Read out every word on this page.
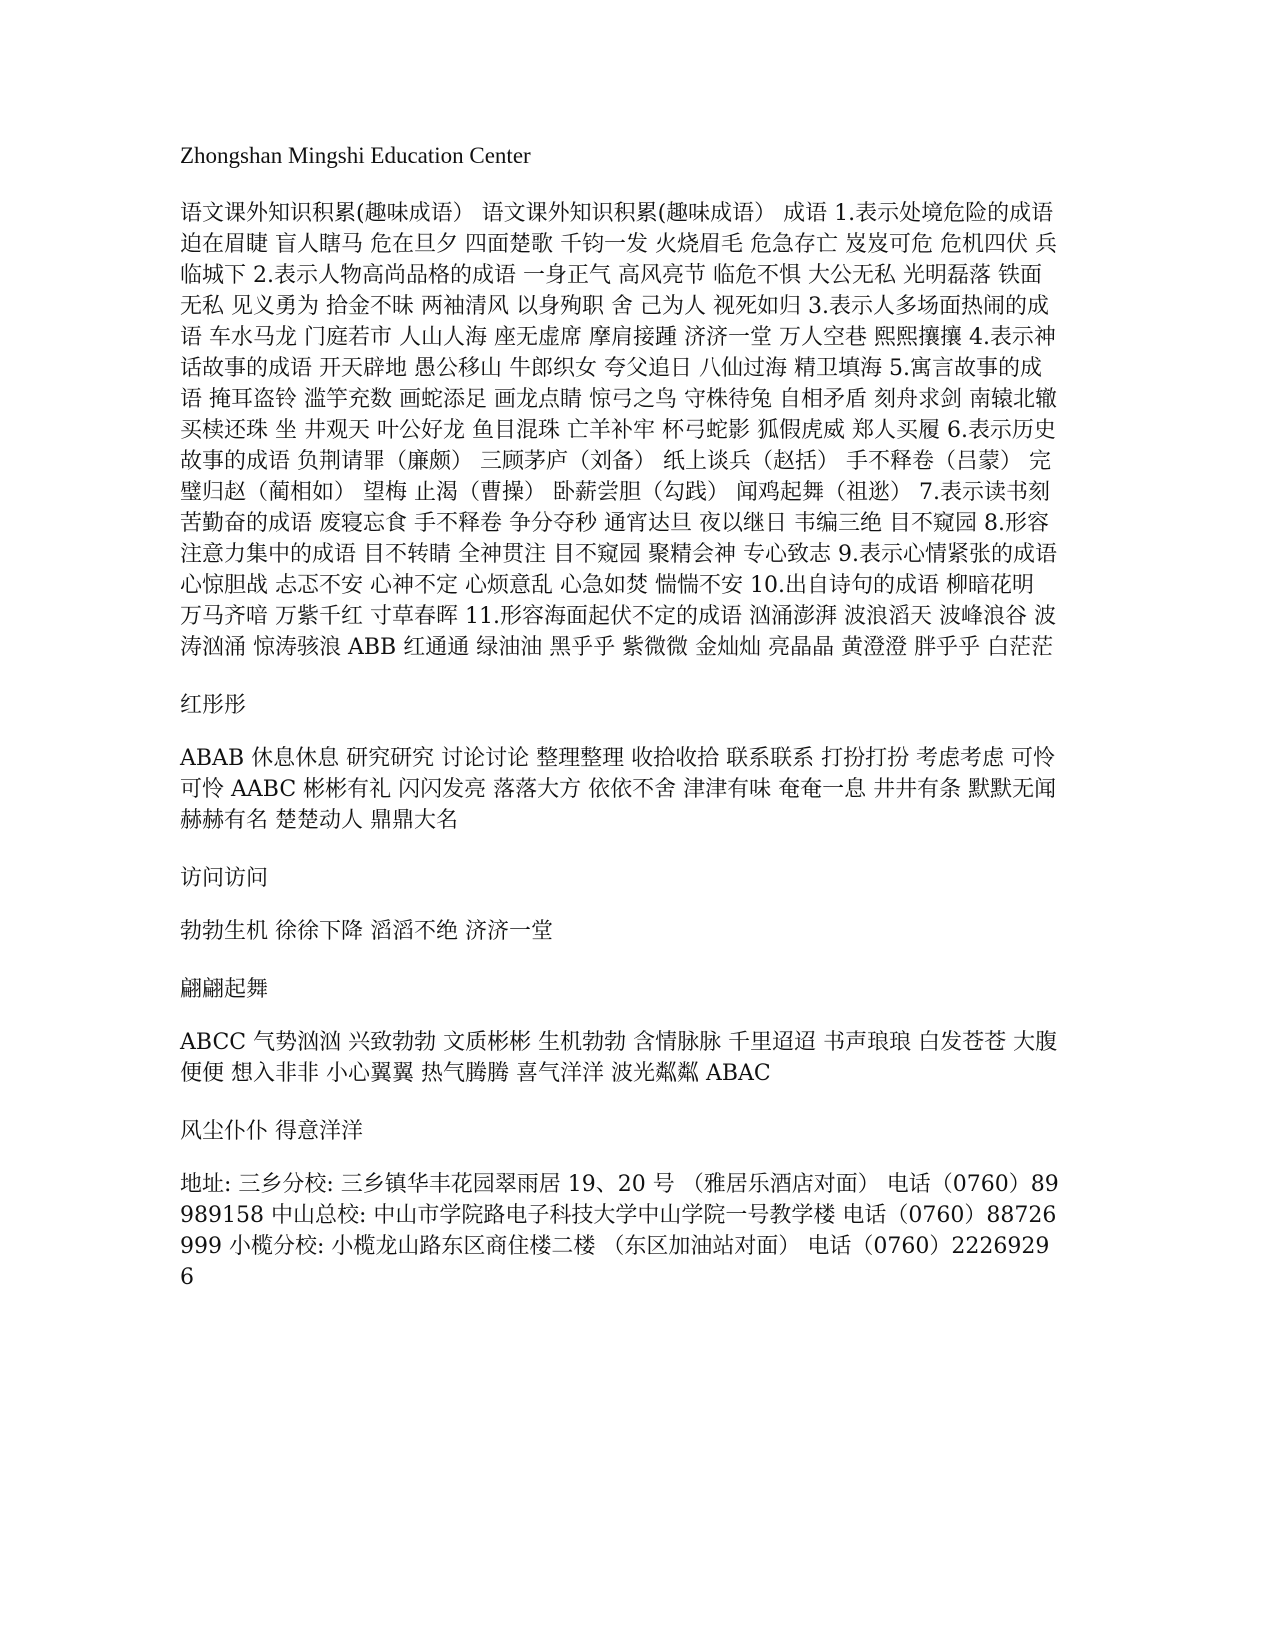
Zhongshan Mingshi Education Center
语文课外知识积累(趣味成语） 语文课外知识积累(趣味成语） 成语 1.表示处境危险的成语 迫在眉睫 盲人瞎马 危在旦夕 四面楚歌 千钧一发 火烧眉毛 危急存亡 岌岌可危 危机四伏 兵临城下 2.表示人物高尚品格的成语 一身正气 高风亮节 临危不惧 大公无私 光明磊落 铁面无私 见义勇为 拾金不昧 两袖清风 以身殉职 舍 己为人 视死如归 3.表示人多场面热闹的成语 车水马龙 门庭若市 人山人海 座无虚席 摩肩接踵 济济一堂 万人空巷 熙熙攘攘 4.表示神话故事的成语 开天辟地 愚公移山 牛郎织女 夸父追日 八仙过海 精卫填海 5.寓言故事的成语 掩耳盗铃 滥竽充数 画蛇添足 画龙点睛 惊弓之鸟 守株待兔 自相矛盾 刻舟求剑 南辕北辙 买椟还珠 坐 井观天 叶公好龙 鱼目混珠 亡羊补牢 杯弓蛇影 狐假虎威 郑人买履 6.表示历史故事的成语 负荆请罪（廉颇） 三顾茅庐（刘备） 纸上谈兵（赵括） 手不释卷（吕蒙） 完璧归赵（蔺相如） 望梅 止渴（曹操） 卧薪尝胆（勾践） 闻鸡起舞（祖逖） 7.表示读书刻苦勤奋的成语 废寝忘食 手不释卷 争分夺秒 通宵达旦 夜以继日 韦编三绝 目不窥园 8.形容注意力集中的成语 目不转睛 全神贯注 目不窥园 聚精会神 专心致志 9.表示心情紧张的成语 心惊胆战 忐忑不安 心神不定 心烦意乱 心急如焚 惴惴不安 10.出自诗句的成语 柳暗花明 万马齐喑 万紫千红 寸草春晖 11.形容海面起伏不定的成语 汹涌澎湃 波浪滔天 波峰浪谷 波涛汹涌 惊涛骇浪 ABB 红通通 绿油油 黑乎乎 紫微微 金灿灿 亮晶晶 黄澄澄 胖乎乎 白茫茫
红彤彤
ABAB 休息休息 研究研究 讨论讨论 整理整理 收拾收拾 联系联系 打扮打扮 考虑考虑 可怜可怜 AABC 彬彬有礼 闪闪发亮 落落大方 依依不舍 津津有味 奄奄一息 井井有条 默默无闻 赫赫有名 楚楚动人 鼎鼎大名
访问访问
勃勃生机 徐徐下降 滔滔不绝 济济一堂
翩翩起舞
ABCC 气势汹汹 兴致勃勃 文质彬彬 生机勃勃 含情脉脉 千里迢迢 书声琅琅 白发苍苍 大腹便便 想入非非 小心翼翼 热气腾腾 喜气洋洋 波光粼粼 ABAC
风尘仆仆 得意洋洋
地址: 三乡分校: 三乡镇华丰花园翠雨居 19、20 号 （雅居乐酒店对面） 电话（0760）89989158 中山总校: 中山市学院路电子科技大学中山学院一号教学楼 电话（0760）88726999 小榄分校: 小榄龙山路东区商住楼二楼 （东区加油站对面） 电话（0760）22269296
